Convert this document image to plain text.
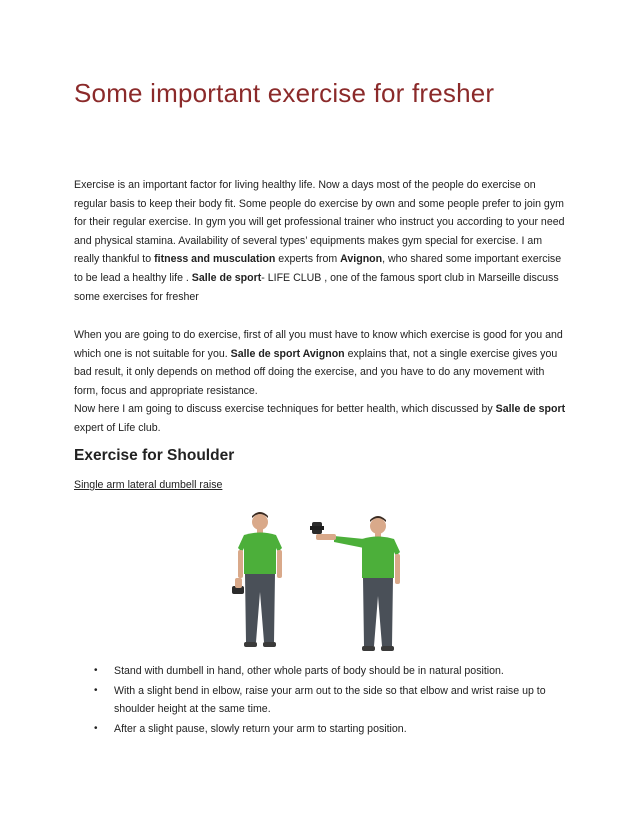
Some important exercise for fresher

Exercise is an important factor for living healthy life. Now a days most of the people do exercise on regular basis to keep their body fit. Some people do exercise by own and some people prefer to join gym for their regular exercise. In gym you will get professional trainer who instruct you according to your need and physical stamina. Availability of several types’ equipments makes gym special for exercise. I am really thankful to fitness and musculation experts from Avignon, who shared some important exercise to be lead a healthy life . Salle de sport- LIFE CLUB , one of the famous sport club in Marseille discuss some exercises for fresher

When you are going to do exercise, first of all you must have to know which exercise is good for you and which one is not suitable for you. Salle de sport Avignon explains that, not a single exercise gives you bad result, it only depends on method off doing the exercise, and you have to do any movement with form, focus and appropriate resistance.

Now here I am going to discuss exercise techniques for better health, which discussed by Salle de sport expert of Life club.

Exercise for Shoulder

Single arm lateral dumbell raise

• Stand with dumbell in hand, other whole parts of body should be in natural position.
• With a slight bend in elbow, raise your arm out to the side so that elbow and wrist raise up to shoulder height at the same time.
• After a slight pause, slowly return your arm to starting position.
